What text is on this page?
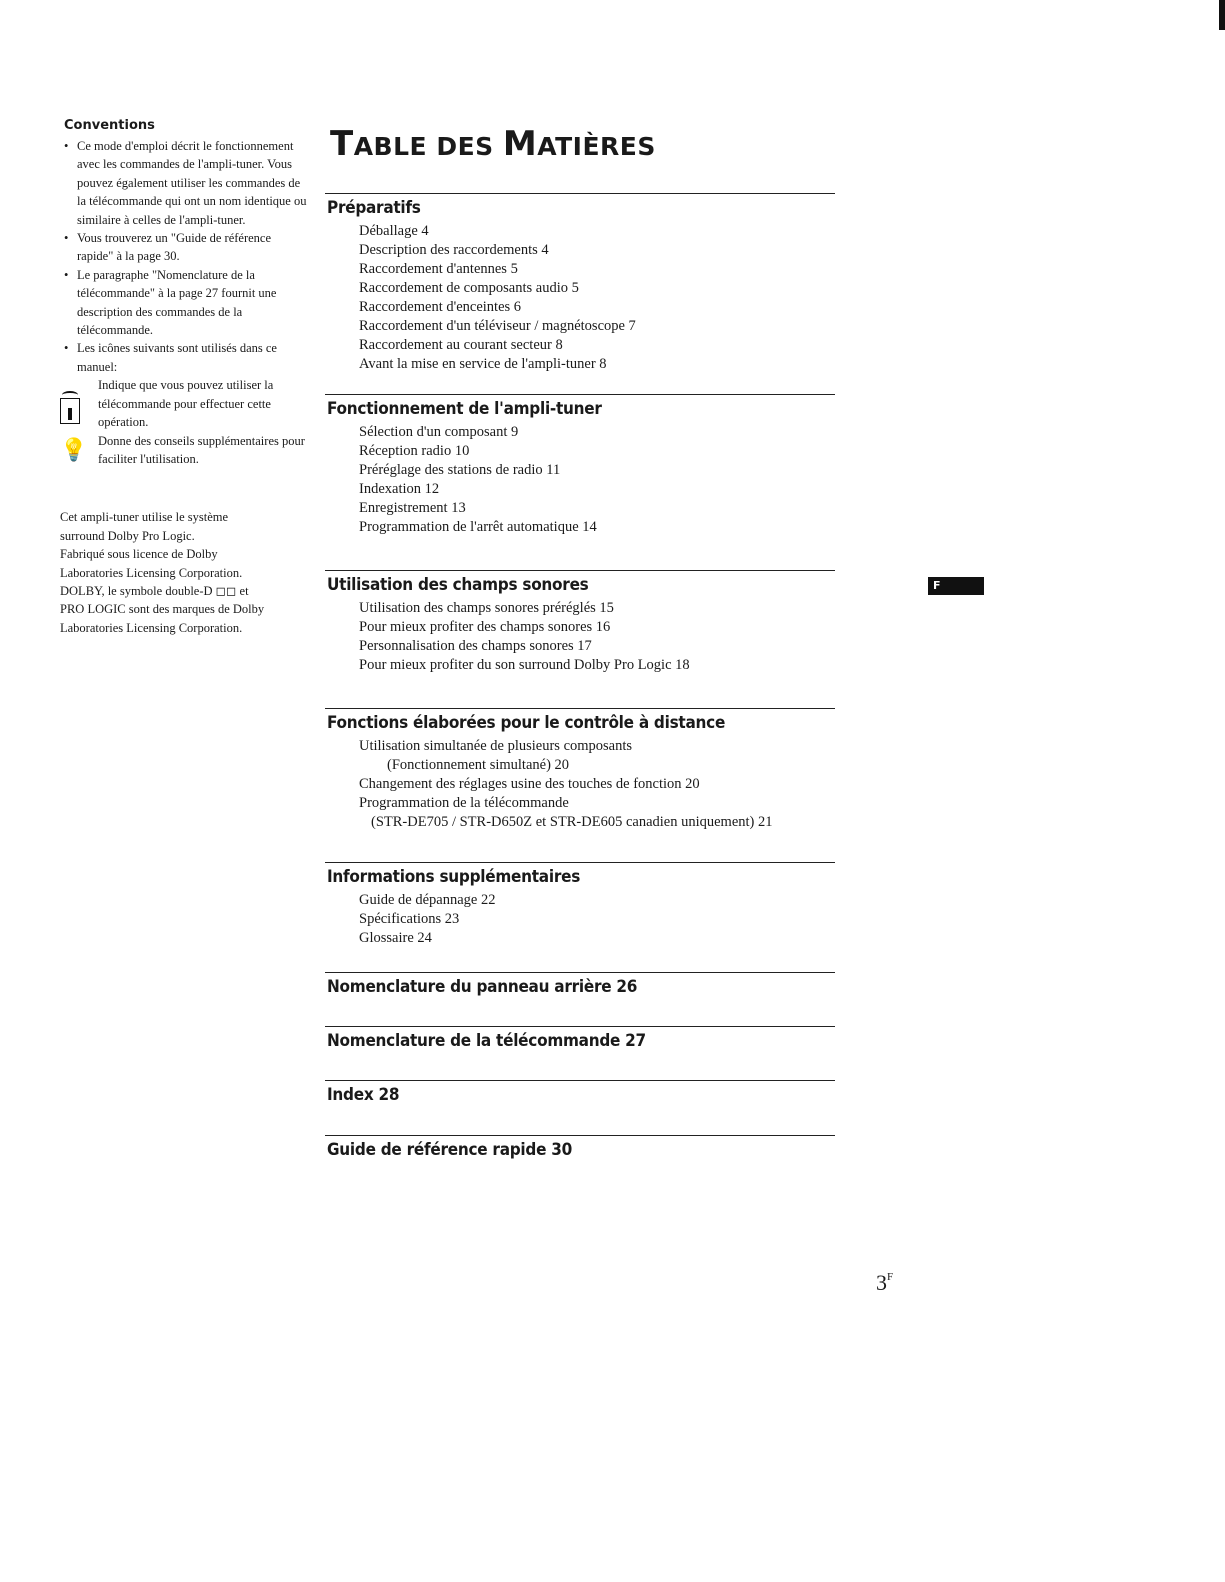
Conventions
• Ce mode d'emploi décrit le fonctionnement avec les commandes de l'ampli-tuner. Vous pouvez également utiliser les commandes de la télécommande qui ont un nom identique ou similaire à celles de l'ampli-tuner.
• Vous trouverez un "Guide de référence rapide" à la page 30.
• Le paragraphe "Nomenclature de la télécommande" à la page 27 fournit une description des commandes de la télécommande.
• Les icônes suivants sont utilisés dans ce manuel:
Indique que vous pouvez utiliser la télécommande pour effectuer cette opération.
💡 Donne des conseils supplémentaires pour faciliter l'utilisation.
Cet ampli-tuner utilise le système
surround Dolby Pro Logic.
Fabriqué sous licence de Dolby
Laboratories Licensing Corporation.
DOLBY, le symbole double-D ◻◻ et
PRO LOGIC sont des marques de Dolby
Laboratories Licensing Corporation.
TABLE DES MATIÈRES
Préparatifs
Déballage 4
Description des raccordements 4
Raccordement d'antennes 5
Raccordement de composants audio 5
Raccordement d'enceintes 6
Raccordement d'un téléviseur / magnétoscope 7
Raccordement au courant secteur 8
Avant la mise en service de l'ampli-tuner 8
Fonctionnement de l'ampli-tuner
Sélection d'un composant 9
Réception radio 10
Préréglage des stations de radio 11
Indexation 12
Enregistrement 13
Programmation de l'arrêt automatique 14
Utilisation des champs sonores
Utilisation des champs sonores préréglés 15
Pour mieux profiter des champs sonores 16
Personnalisation des champs sonores 17
Pour mieux profiter du son surround Dolby Pro Logic 18
Fonctions élaborées pour le contrôle à distance
Utilisation simultanée de plusieurs composants
(Fonctionnement simultané) 20
Changement des réglages usine des touches de fonction 20
Programmation de la télécommande
(STR-DE705 / STR-D650Z et STR-DE605 canadien uniquement) 21
Informations supplémentaires
Guide de dépannage 22
Spécifications 23
Glossaire 24
Nomenclature du panneau arrière 26
Nomenclature de la télécommande 27
Index 28
Guide de référence rapide 30
F
$3^F$
